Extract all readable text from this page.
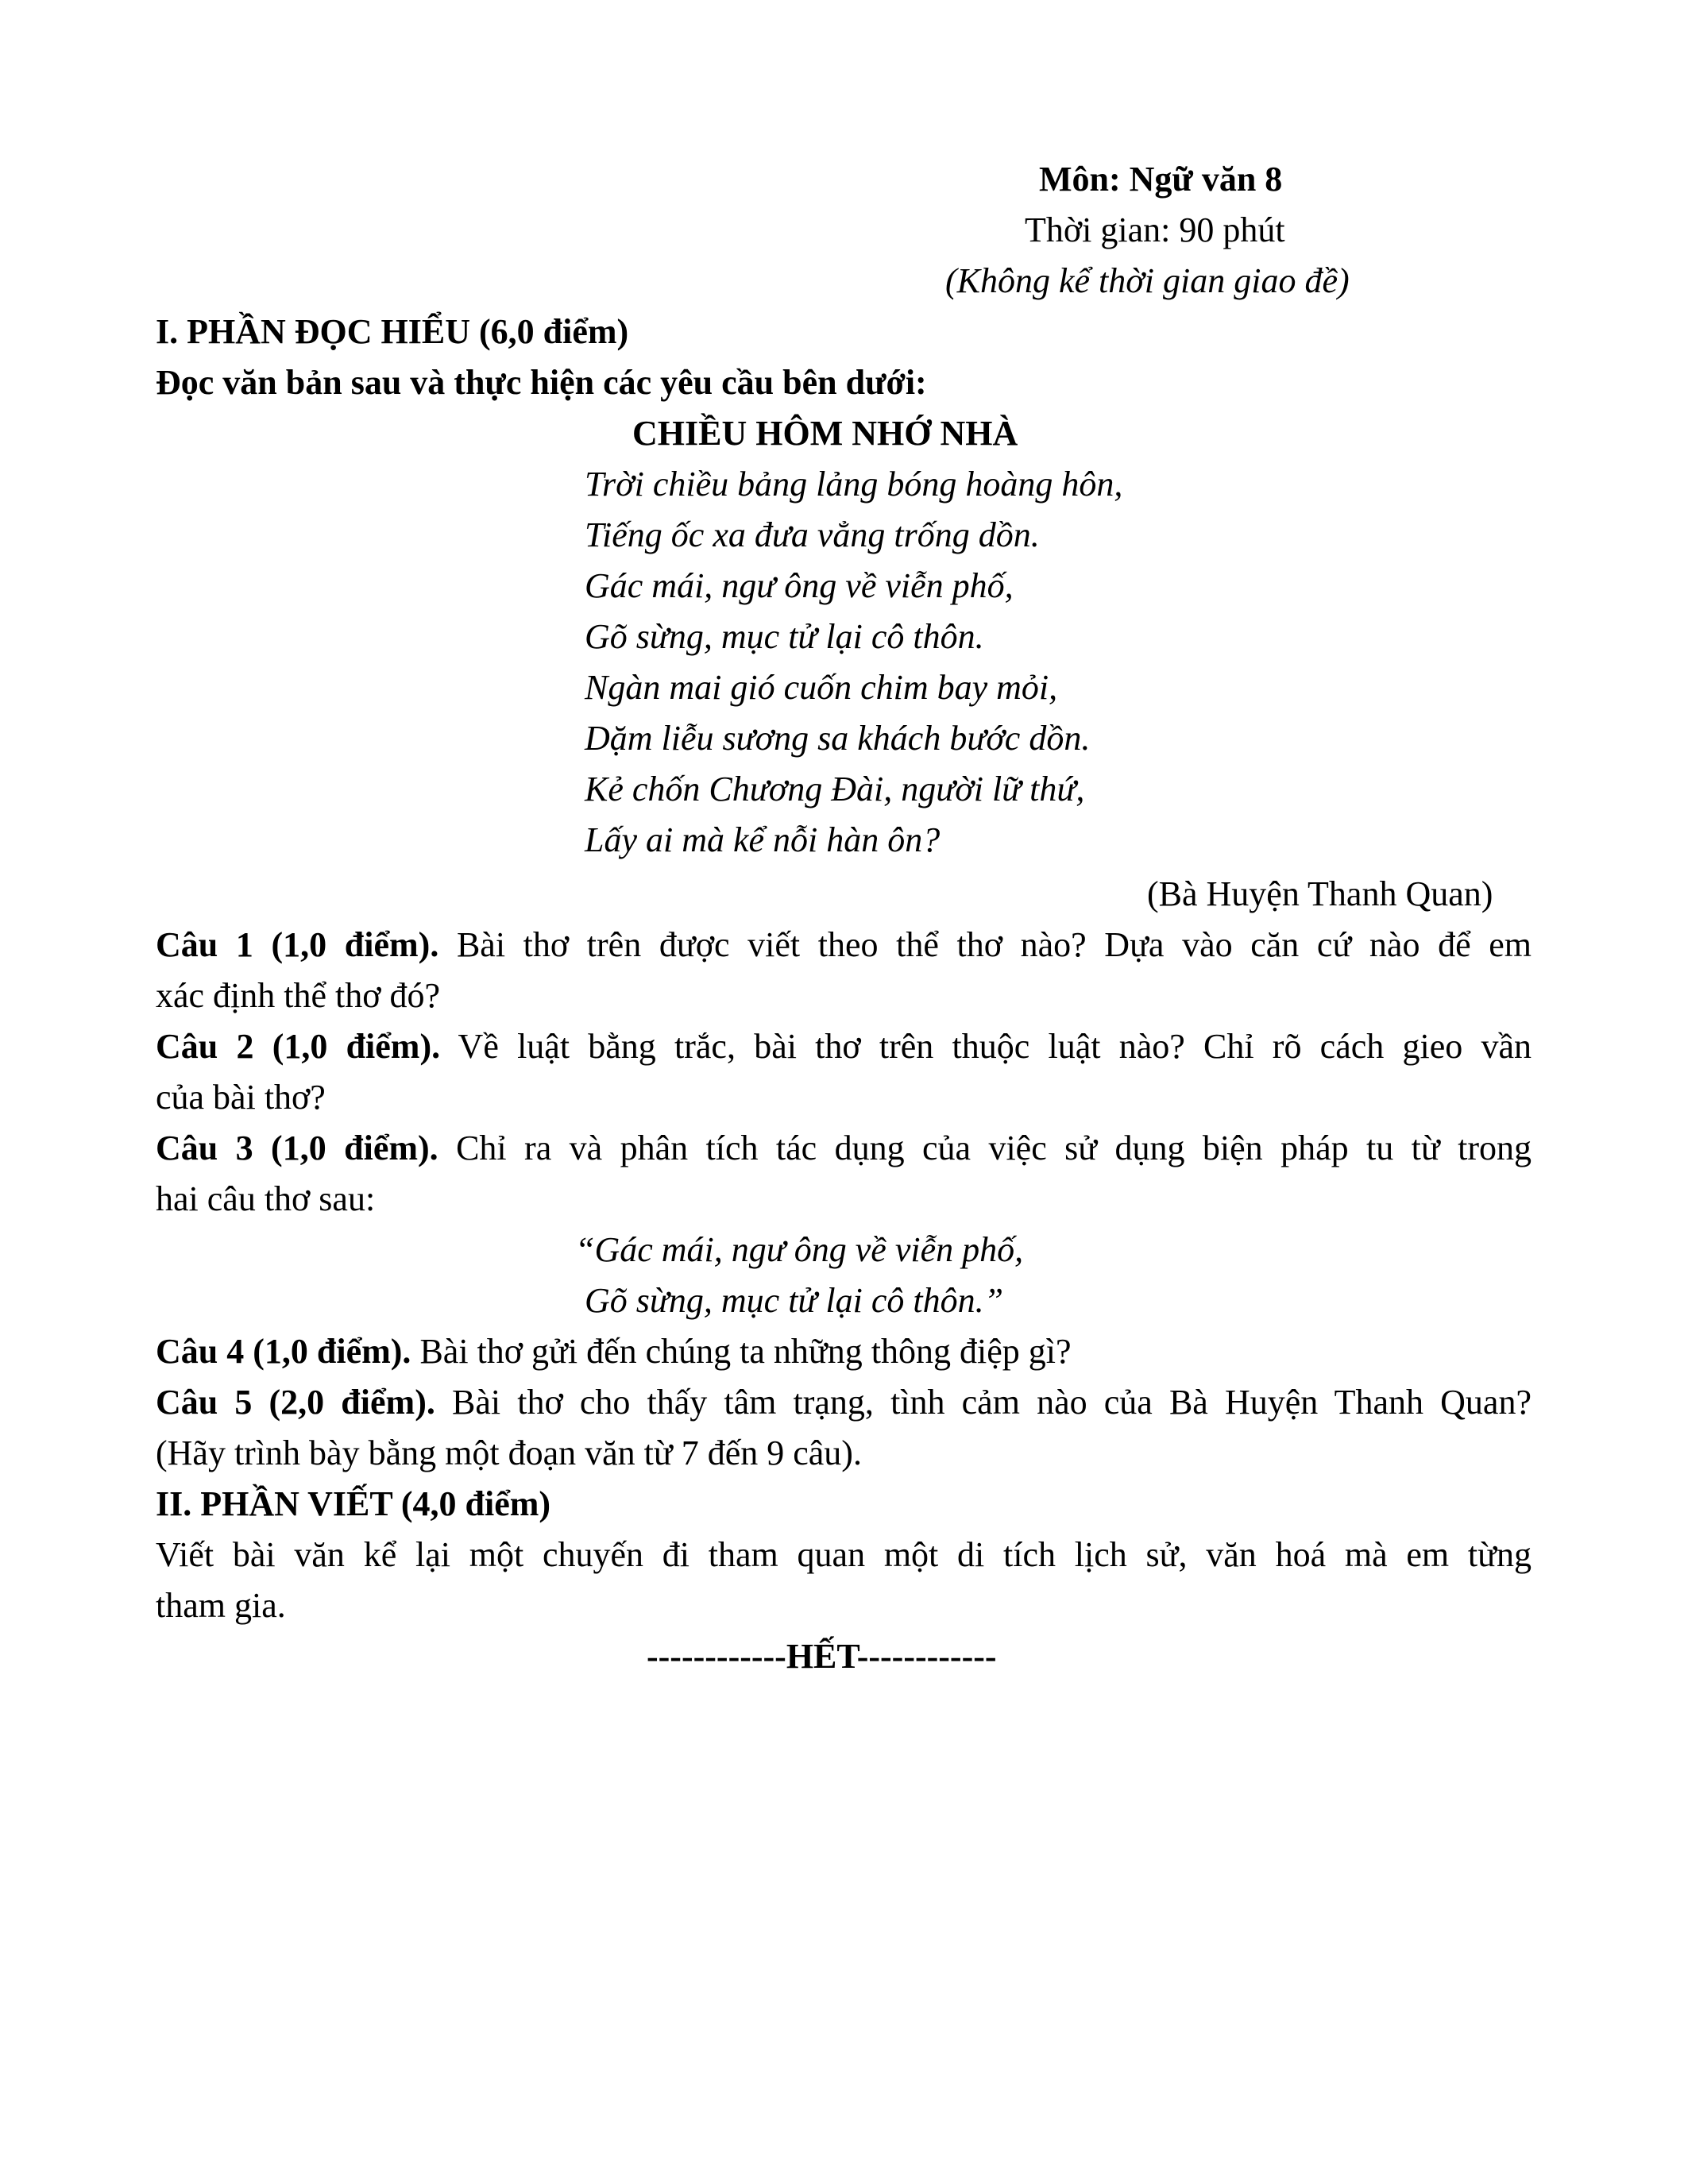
Môn: Ngữ văn 8
Thời gian: 90 phút
(Không kể thời gian giao đề)
I. PHẦN ĐỌC HIỂU (6,0 điểm)
Đọc văn bản sau và thực hiện các yêu cầu bên dưới:
CHIỀU HÔM NHỚ NHÀ
Trời chiều bảng lảng bóng hoàng hôn,
Tiếng ốc xa đưa vẳng trống dồn.
Gác mái, ngư ông về viễn phố,
Gõ sừng, mục tử lại cô thôn.
Ngàn mai gió cuốn chim bay mỏi,
Dặm liễu sương sa khách bước dồn.
Kẻ chốn Chương Đài, người lữ thứ,
Lấy ai mà kể nỗi hàn ôn?
(Bà Huyện Thanh Quan)
Câu 1 (1,0 điểm). Bài thơ trên được viết theo thể thơ nào? Dựa vào căn cứ nào để em
xác định thể thơ đó?
Câu 2 (1,0 điểm). Về luật bằng trắc, bài thơ trên thuộc luật nào? Chỉ rõ cách gieo vần
của bài thơ?
Câu 3 (1,0 điểm). Chỉ ra và phân tích tác dụng của việc sử dụng biện pháp tu từ trong
hai câu thơ sau:
“Gác mái, ngư ông về viễn phố,
Gõ sừng, mục tử lại cô thôn.”
Câu 4 (1,0 điểm). Bài thơ gửi đến chúng ta những thông điệp gì?
Câu 5 (2,0 điểm). Bài thơ cho thấy tâm trạng, tình cảm nào của Bà Huyện Thanh Quan?
(Hãy trình bày bằng một đoạn văn từ 7 đến 9 câu).
II. PHẦN VIẾT (4,0 điểm)
Viết bài văn kể lại một chuyến đi tham quan một di tích lịch sử, văn hoá mà em từng
tham gia.
------------HẾT------------
